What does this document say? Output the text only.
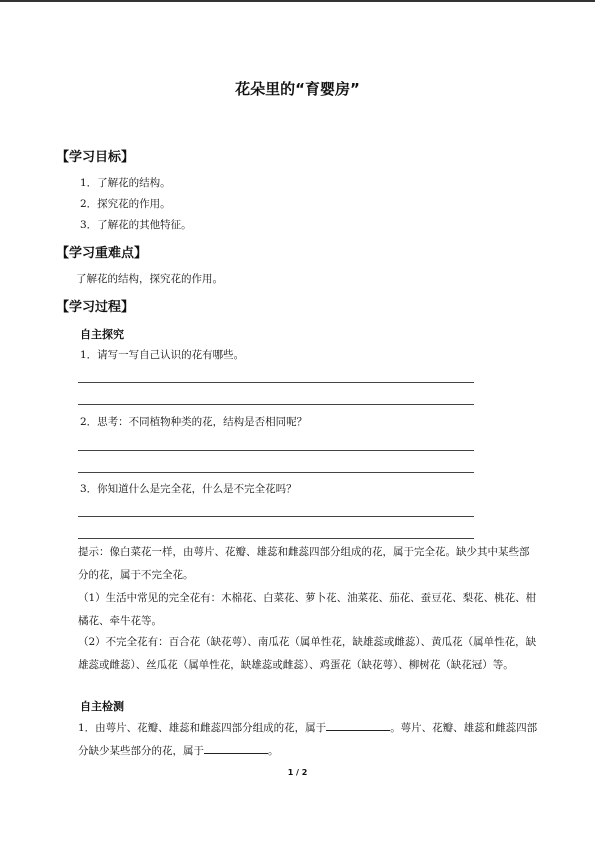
花朵里的“育婴房”
【学习目标】
1．了解花的结构。
2．探究花的作用。
3．了解花的其他特征。
【学习重难点】
了解花的结构，探究花的作用。
【学习过程】
自主探究
1．请写一写自己认识的花有哪些。
2．思考：不同植物种类的花，结构是否相同呢？
3．你知道什么是完全花，什么是不完全花吗？
提示：像白菜花一样，由萼片、花瓣、雄蕊和雌蕊四部分组成的花，属于完全花。缺少其中某些部分的花，属于不完全花。
（1）生活中常见的完全花有：木棉花、白菜花、萝卜花、油菜花、茄花、蚕豆花、梨花、桃花、柑橘花、牵牛花等。
（2）不完全花有：百合花（缺花萼）、南瓜花（属单性花，缺雄蕊或雌蕊）、黄瓜花（属单性花，缺雄蕊或雌蕊）、丝瓜花（属单性花，缺雄蕊或雌蕊）、鸡蛋花（缺花萼）、柳树花（缺花冠）等。
自主检测
1．由萼片、花瓣、雄蕊和雌蕊四部分组成的花，属于	。萼片、花瓣、雄蕊和雌蕊四部分缺少某些部分的花，属于	。
1 / 2
